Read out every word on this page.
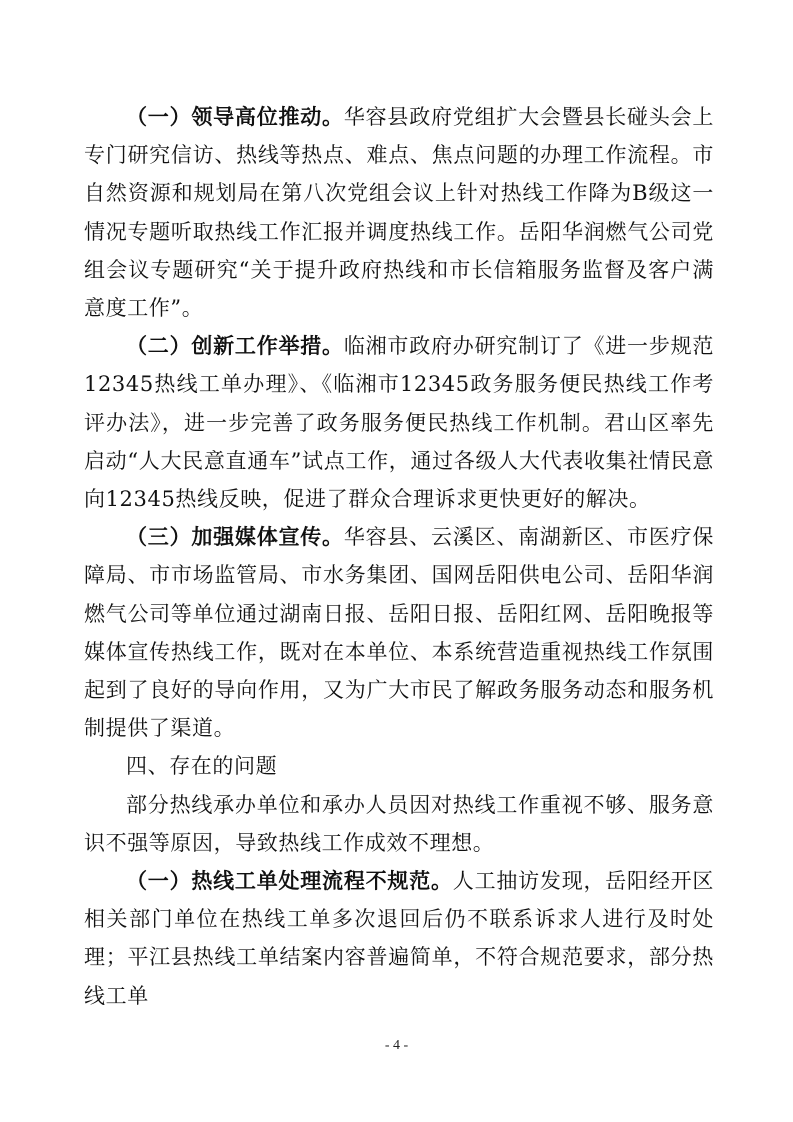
（一）领导高位推动。华容县政府党组扩大会暨县长碰头会上专门研究信访、热线等热点、难点、焦点问题的办理工作流程。市自然资源和规划局在第八次党组会议上针对热线工作降为B级这一情况专题听取热线工作汇报并调度热线工作。岳阳华润燃气公司党组会议专题研究“关于提升政府热线和市长信箱服务监督及客户满意度工作”。

（二）创新工作举措。临湘市政府办研究制订了《进一步规范12345热线工单办理》、《临湘市12345政务服务便民热线工作考评办法》，进一步完善了政务服务便民热线工作机制。君山区率先启动“人大民意直通车”试点工作，通过各级人大代表收集社情民意向12345热线反映，促进了群众合理诉求更快更好的解决。

（三）加强媒体宣传。华容县、云溪区、南湖新区、市医疗保障局、市市场监管局、市水务集团、国网岳阳供电公司、岳阳华润燃气公司等单位通过湖南日报、岳阳日报、岳阳红网、岳阳晚报等媒体宣传热线工作，既对在本单位、本系统营造重视热线工作氛围起到了良好的导向作用，又为广大市民了解政务服务动态和服务机制提供了渠道。

四、存在的问题

部分热线承办单位和承办人员因对热线工作重视不够、服务意识不强等原因，导致热线工作成效不理想。

（一）热线工单处理流程不规范。人工抽访发现，岳阳经开区相关部门单位在热线工单多次退回后仍不联系诉求人进行及时处理；平江县热线工单结案内容普遍简单，不符合规范要求，部分热线工单

- 4 -
